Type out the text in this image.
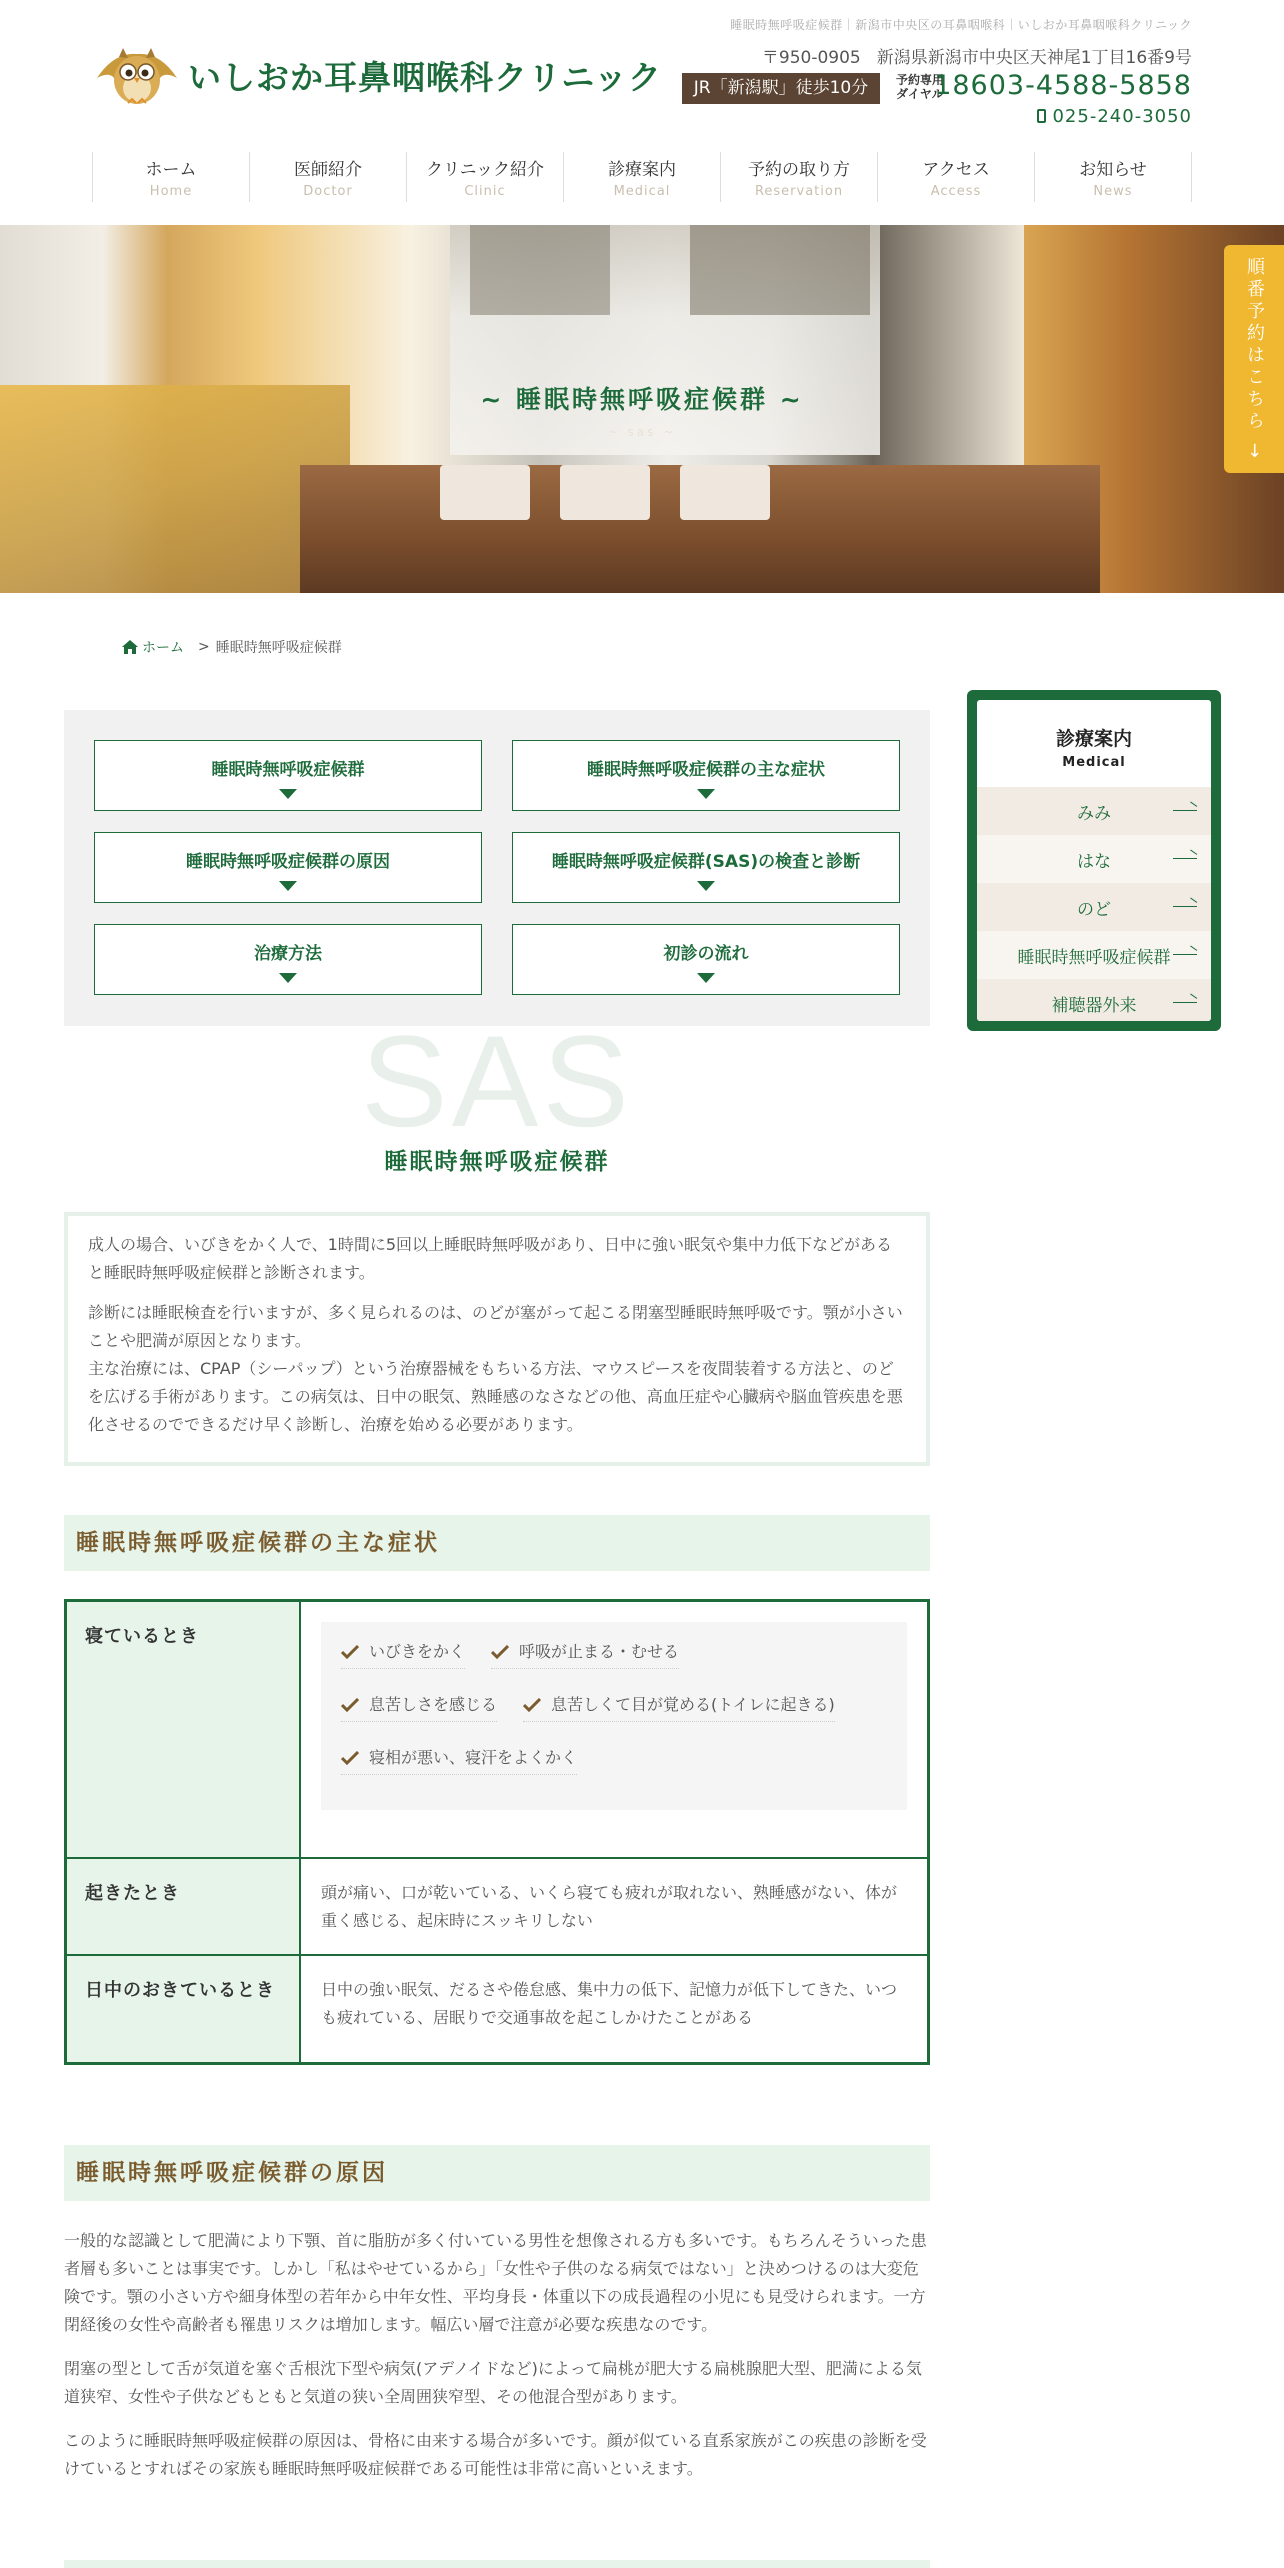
睡眠時無呼吸症候群｜新潟市中央区の耳鼻咽喉科｜いしおか耳鼻咽喉科クリニック
いしおか耳鼻咽喉科クリニック	〒950-0905 新潟県新潟市中央区天神尾1丁目16番9号
JR「新潟駅」徒歩10分	予約専用
ダイヤル
18603-4588-5858
025-240-3050
ホーム
Home
医師紹介
Doctor
クリニック紹介
Clinic
診療案内
Medical
予約の取り方
Reservation
アクセス
Access
お知らせ
News
~ 睡眠時無呼吸症候群 ~
~ sas ~	順番予約はこちら →
ホーム > 睡眠時無呼吸症候群
睡眠時無呼吸症候群	睡眠時無呼吸症候群の主な症状
睡眠時無呼吸症候群の原因	睡眠時無呼吸症候群(SAS)の検査と診断
治療方法	初診の流れ
診療案内
Medical
みみ
はな
のど
睡眠時無呼吸症候群
補聴器外来
SAS
睡眠時無呼吸症候群

成人の場合、いびきをかく人で、1時間に5回以上睡眠時無呼吸があり、日中に強い眠気や集中力低下などがあると睡眠時無呼吸症候群と診断されます。

診断には睡眠検査を行いますが、多く見られるのは、のどが塞がって起こる閉塞型睡眠時無呼吸です。顎が小さいことや肥満が原因となります。

主な治療には、CPAP（シーパップ）という治療器械をもちいる方法、マウスピースを夜間装着する方法と、のどを広げる手術があります。この病気は、日中の眠気、熟睡感のなさなどの他、高血圧症や心臓病や脳血管疾患を悪化させるのでできるだけ早く診断し、治療を始める必要があります。

睡眠時無呼吸症候群の主な症状
寝ているとき
いびきをかく	呼吸が止まる・むせる
息苦しさを感じる	息苦しくて目が覚める(トイレに起きる)
寝相が悪い、寝汗をよくかく
起きたとき	頭が痛い、口が乾いている、いくら寝ても疲れが取れない、熟睡感がない、体が重く感じる、起床時にスッキリしない
日中のおきているとき	日中の強い眠気、だるさや倦怠感、集中力の低下、記憶力が低下してきた、いつも疲れている、居眠りで交通事故を起こしかけたことがある
睡眠時無呼吸症候群の原因

一般的な認識として肥満により下顎、首に脂肪が多く付いている男性を想像される方も多いです。もちろんそういった患者層も多いことは事実です。しかし「私はやせているから」「女性や子供のなる病気ではない」と決めつけるのは大変危険です。顎の小さい方や細身体型の若年から中年女性、平均身長・体重以下の成長過程の小児にも見受けられます。一方閉経後の女性や高齢者も罹患リスクは増加します。幅広い層で注意が必要な疾患なのです。

閉塞の型として舌が気道を塞ぐ舌根沈下型や病気(アデノイドなど)によって扁桃が肥大する扁桃腺肥大型、肥満による気道狭窄、女性や子供などもともと気道の狭い全周囲狭窄型、その他混合型があります。

このように睡眠時無呼吸症候群の原因は、骨格に由来する場合が多いです。顔が似ている直系家族がこの疾患の診断を受けているとすればその家族も睡眠時無呼吸症候群である可能性は非常に高いといえます。
